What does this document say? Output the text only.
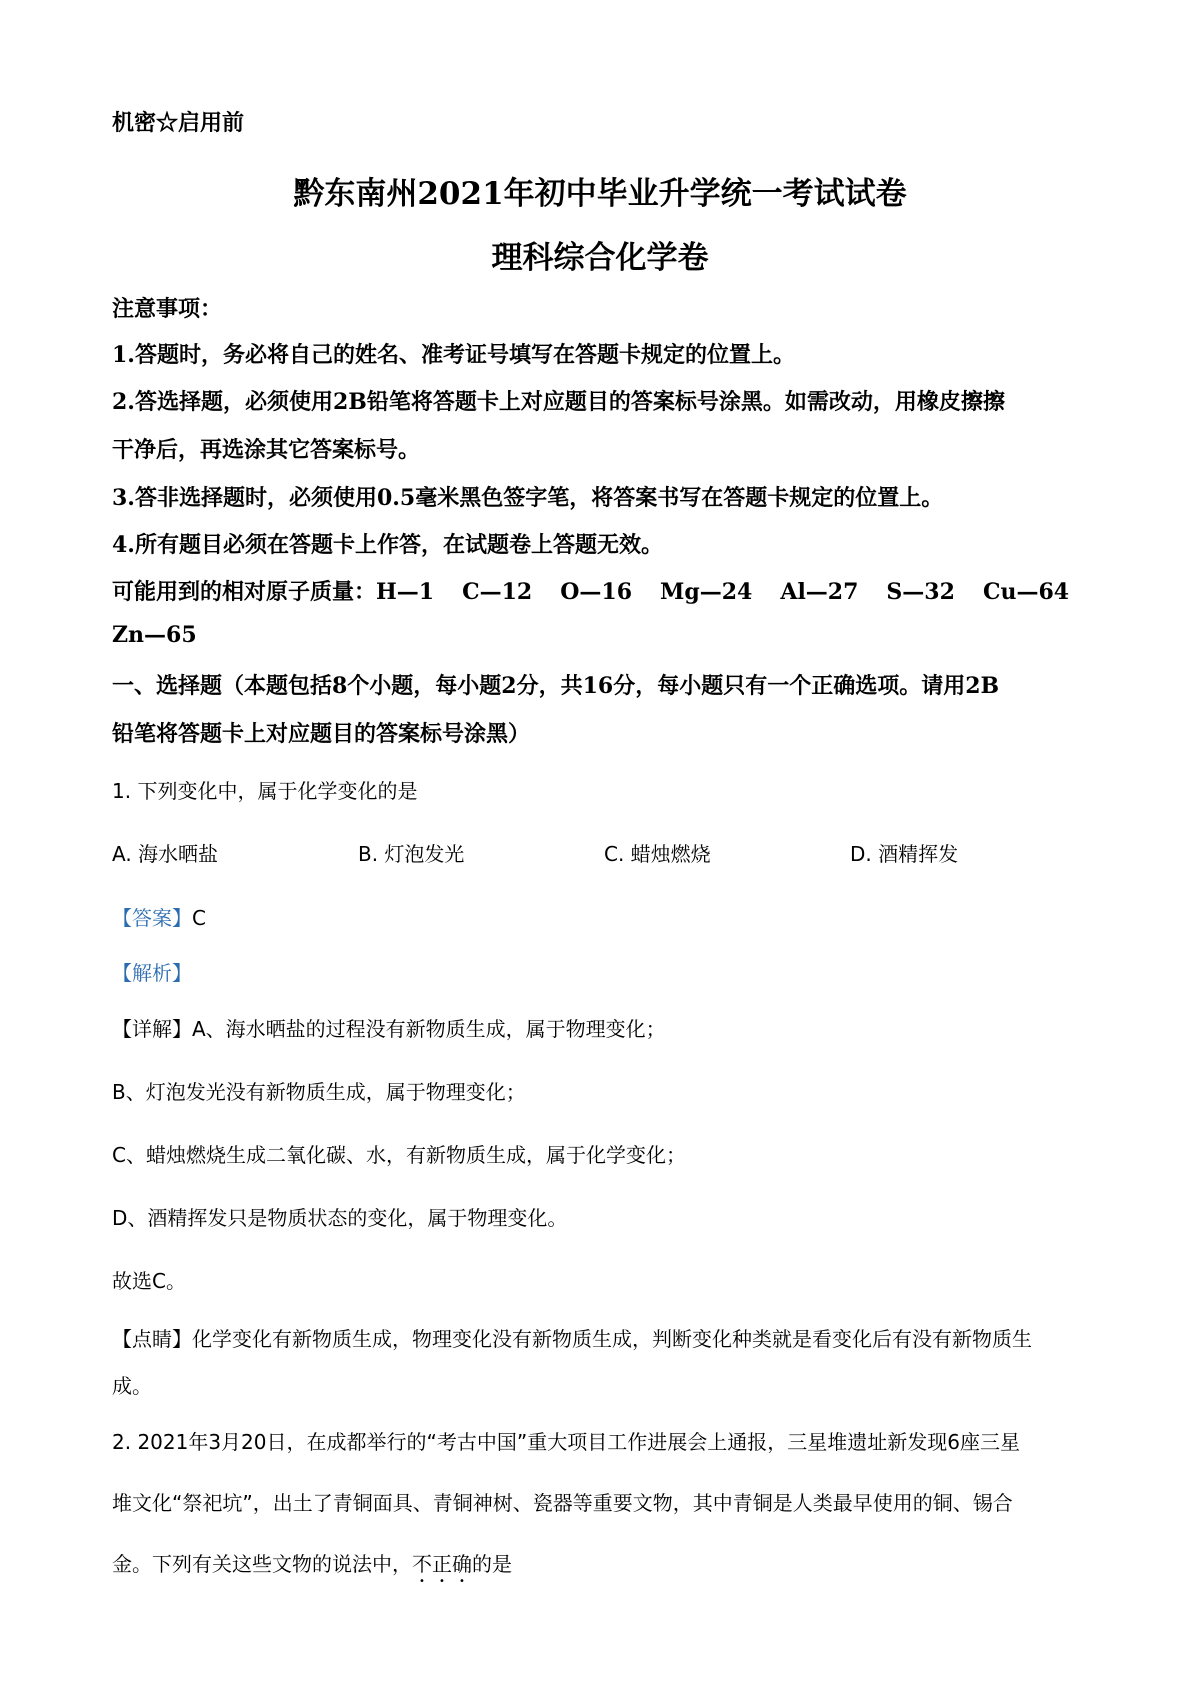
机密☆启用前
黔东南州2021年初中毕业升学统一考试试卷
理科综合化学卷
注意事项：
1.答题时，务必将自己的姓名、准考证号填写在答题卡规定的位置上。
2.答选择题，必须使用2B铅笔将答题卡上对应题目的答案标号涂黑。如需改动，用橡皮擦擦
干净后，再选涂其它答案标号。
3.答非选择题时，必须使用0.5毫米黑色签字笔，将答案书写在答题卡规定的位置上。
4.所有题目必须在答题卡上作答，在试题卷上答题无效。
可能用到的相对原子质量：H—1 C—12 O—16 Mg—24 Al—27 S—32 Cu—64
Zn—65
一、选择题（本题包括8个小题，每小题2分，共16分，每小题只有一个正确选项。请用2B
铅笔将答题卡上对应题目的答案标号涂黑）
1. 下列变化中，属于化学变化的是
A. 海水晒盐	B. 灯泡发光	C. 蜡烛燃烧	D. 酒精挥发
【答案】C
【解析】
【详解】A、海水晒盐的过程没有新物质生成，属于物理变化；
B、灯泡发光没有新物质生成，属于物理变化；
C、蜡烛燃烧生成二氧化碳、水，有新物质生成，属于化学变化；
D、酒精挥发只是物质状态的变化，属于物理变化。
故选C。
【点睛】化学变化有新物质生成，物理变化没有新物质生成，判断变化种类就是看变化后有没有新物质生
成。
2. 2021年3月20日，在成都举行的“考古中国”重大项目工作进展会上通报，三星堆遗址新发现6座三星
堆文化“祭祀坑”，出土了青铜面具、青铜神树、瓷器等重要文物，其中青铜是人类最早使用的铜、锡合
金。下列有关这些文物的说法中，不正确的是
